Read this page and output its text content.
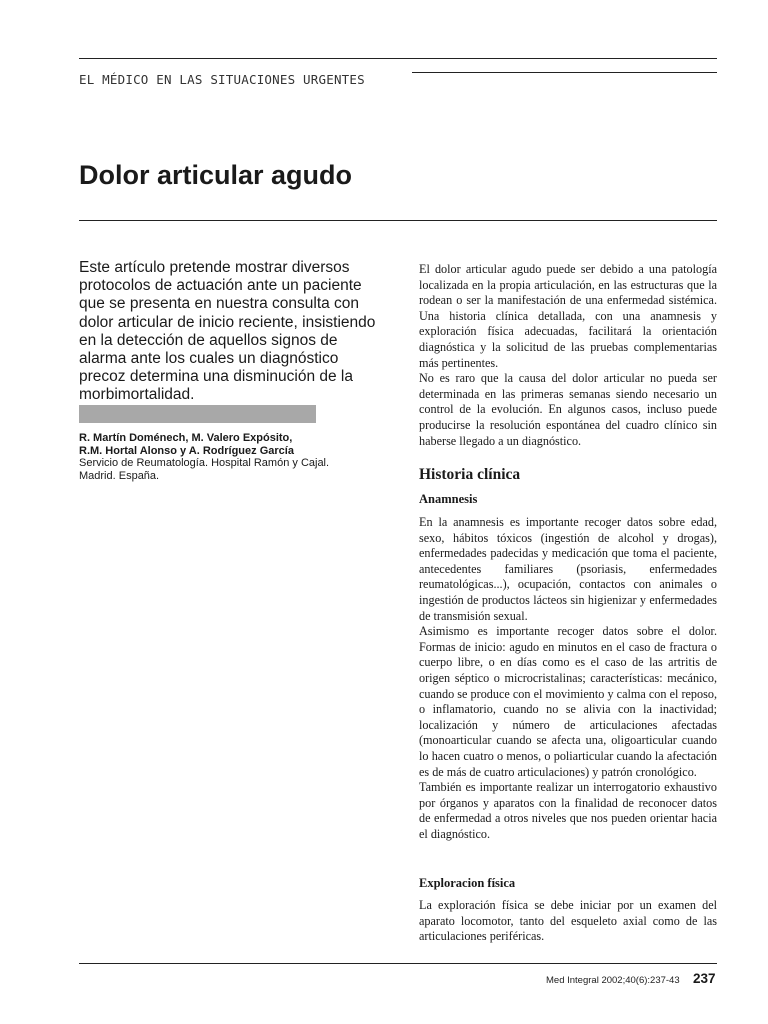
EL MÉDICO EN LAS SITUACIONES URGENTES
Dolor articular agudo

Este artículo pretende mostrar diversos protocolos de actuación ante un paciente que se presenta en nuestra consulta con dolor articular de inicio reciente, insistiendo en la detección de aquellos signos de alarma ante los cuales un diagnóstico precoz determina una disminución de la morbimortalidad.

R. Martín Doménech, M. Valero Expósito,
R.M. Hortal Alonso y A. Rodríguez García
Servicio de Reumatología. Hospital Ramón y Cajal.
Madrid. España.

El dolor articular agudo puede ser debido a una patología localizada en la propia articulación, en las estructuras que la rodean o ser la manifestación de una enfermedad sistémica. Una historia clínica detallada, con una anamnesis y exploración física adecuadas, facilitará la orientación diagnóstica y la solicitud de las pruebas complementarias más pertinentes.

No es raro que la causa del dolor articular no pueda ser determinada en las primeras semanas siendo necesario un control de la evolución. En algunos casos, incluso puede producirse la resolución espontánea del cuadro clínico sin haberse llegado a un diagnóstico.

Historia clínica
Anamnesis

En la anamnesis es importante recoger datos sobre edad, sexo, hábitos tóxicos (ingestión de alcohol y drogas), enfermedades padecidas y medicación que toma el paciente, antecedentes familiares (psoriasis, enfermedades reumatológicas...), ocupación, contactos con animales o ingestión de productos lácteos sin higienizar y enfermedades de transmisión sexual.

Asimismo es importante recoger datos sobre el dolor. Formas de inicio: agudo en minutos en el caso de fractura o cuerpo libre, o en días como es el caso de las artritis de origen séptico o microcristalinas; características: mecánico, cuando se produce con el movimiento y calma con el reposo, o inflamatorio, cuando no se alivia con la inactividad; localización y número de articulaciones afectadas (monoarticular cuando se afecta una, oligoarticular cuando lo hacen cuatro o menos, o poliarticular cuando la afectación es de más de cuatro articulaciones) y patrón cronológico.

También es importante realizar un interrogatorio exhaustivo por órganos y aparatos con la finalidad de reconocer datos de enfermedad a otros niveles que nos pueden orientar hacia el diagnóstico.

Exploracion física

La exploración física se debe iniciar por un examen del aparato locomotor, tanto del esqueleto axial como de las articulaciones periféricas.

Med Integral 2002;40(6):237-43 237
